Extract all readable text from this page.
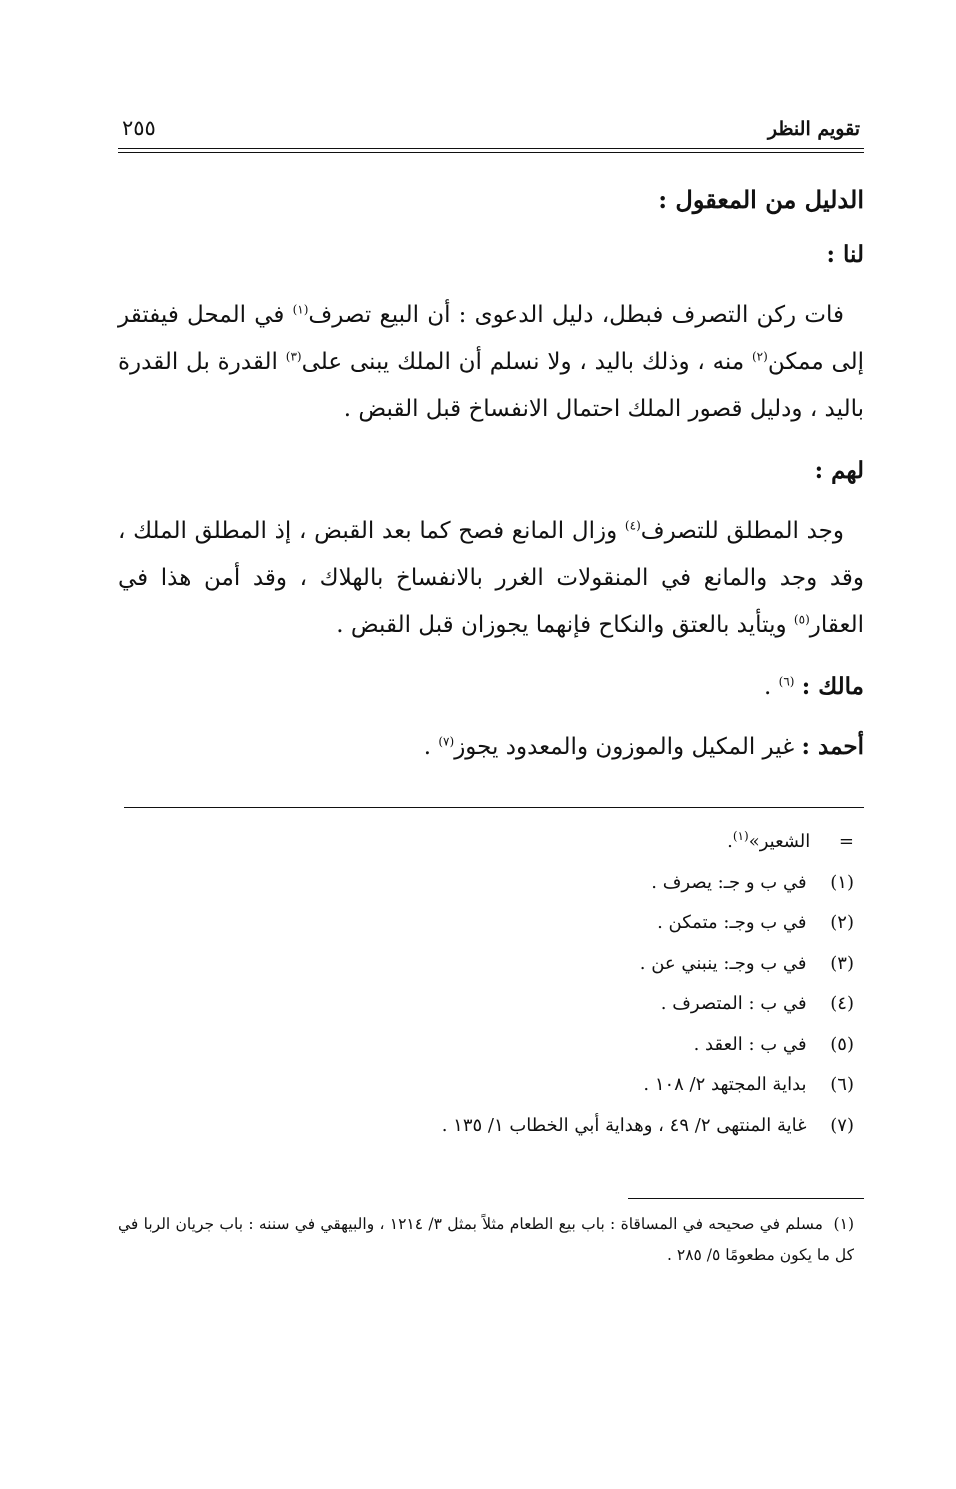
تقويم النظر
٢٥٥

الدليل من المعقول :

لنا :

فات ركن التصرف فبطل، دليل الدعوى : أن البيع تصرف$^{(١)}$ في المحل فيفتقر إلى ممكن$^{(٢)}$ منه ، وذلك باليد ، ولا نسلم أن الملك يبنى على$^{(٣)}$ القدرة بل القدرة باليد ، ودليل قصور الملك احتمال الانفساخ قبل القبض .

لهم :

وجد المطلق للتصرف$^{(٤)}$ وزال المانع فصح كما بعد القبض ، إذ المطلق الملك ، وقد وجد والمانع في المنقولات الغرر بالانفساخ بالهلاك ، وقد أمن هذا في العقار$^{(٥)}$ ويتأيد بالعتق والنكاح فإنهما يجوزان قبل القبض .

مالك : $^{(٦)}$ .

أحمد : غير المكيل والموزون والمعدود يجوز$^{(٧)}$ .

=     الشعير»$^{(١)}$.
(١)  في ب و جـ: يصرف .
(٢)  في ب وجـ: متمكن .
(٣)  في ب وجـ: ينبني عن .
(٤)  في ب : المتصرف .
(٥)  في ب : العقد .
(٦)  بداية المجتهد ٢/ ١٠٨ .
(٧)  غاية المنتهى ٢/ ٤٩ ، وهداية أبي الخطاب ١/ ١٣٥ .
(١)  مسلم في صحيحه في المساقاة : باب بيع الطعام مثلاً بمثل ٣/ ١٢١٤ ، والبيهقي في سننه : باب جريان الربا في كل ما يكون مطعومًا ٥/ ٢٨٥ .
